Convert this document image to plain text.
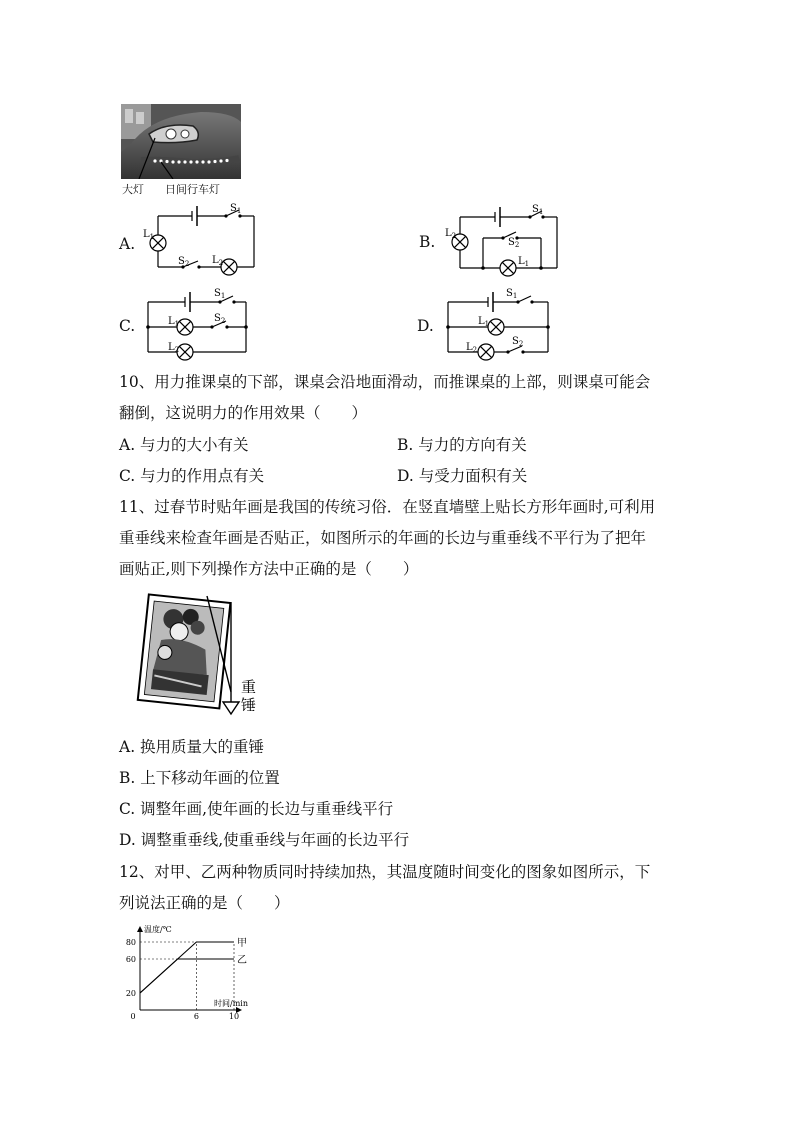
大灯 日间行车灯
A.
$S_1$
$L_1$
$S_2$ $L_2$
B.
$S_1$
$L_2$
$S_2$
$L_1$
C.
$S_1$
$L_1$	$S_2$
$L_2$
D.
$S_1$
$L_1$
$S_2$
$L_2$
10、用力推课桌的下部，课桌会沿地面滑动，而推课桌的上部，则课桌可能会
翻倒，这说明力的作用效果（　　）
A. 与力的大小有关	B. 与力的方向有关
C. 与力的作用点有关	D. 与受力面积有关
11、过春节时贴年画是我国的传统习俗．在竖直墙壁上贴长方形年画时,可利用
重垂线来检查年画是否贴正，如图所示的年画的长边与重垂线不平行为了把年
画贴正,则下列操作方法中正确的是（　　）
重
锤
A. 换用质量大的重锤
B. 上下移动年画的位置
C. 调整年画,使年画的长边与重垂线平行
D. 调整重垂线,使重垂线与年画的长边平行
12、对甲、乙两种物质同时持续加热，其温度随时间变化的图象如图所示，下
列说法正确的是（　　）
温度/℃
时间/min
20
60
80
0	6	10
甲
乙
